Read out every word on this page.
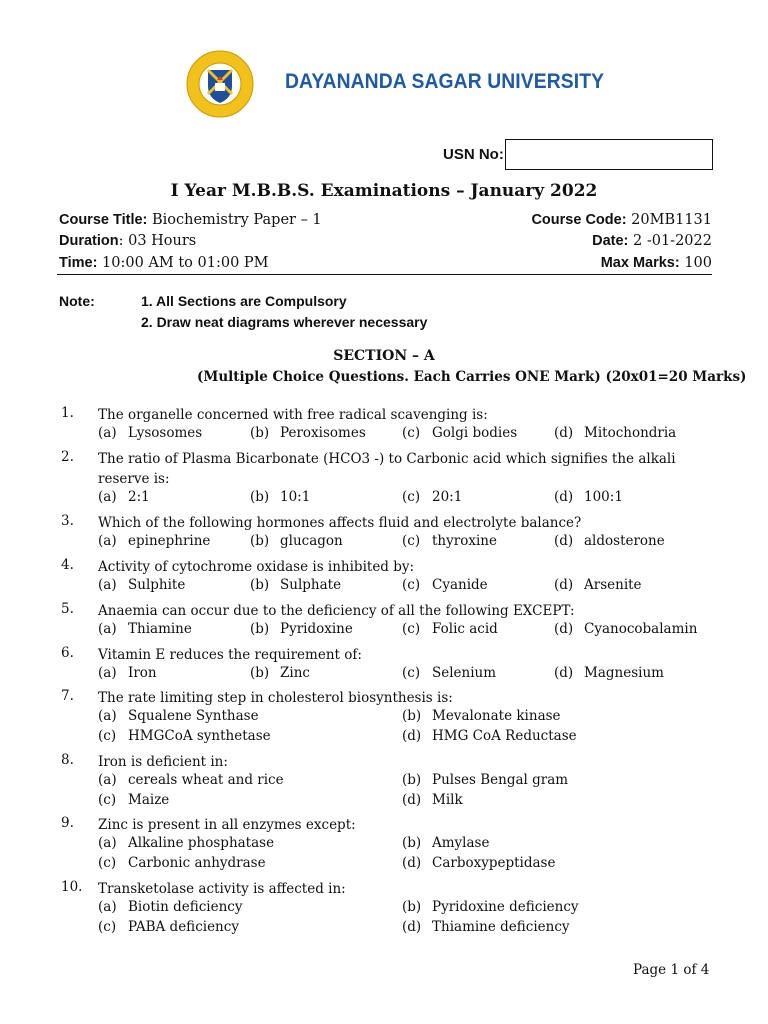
DAYANANDA SAGAR UNIVERSITY
USN No:
I Year M.B.B.S. Examinations – January 2022
Course Title: Biochemistry Paper – 1	Course Code: 20MB1131
Duration: 03 Hours	Date: 2 -01-2022
Time: 10:00 AM to 01:00 PM	Max Marks: 100
Note:	1. All Sections are Compulsory
2. Draw neat diagrams wherever necessary
SECTION – A
(Multiple Choice Questions. Each Carries ONE Mark) (20x01=20 Marks)
1. The organelle concerned with free radical scavenging is:
(a) Lysosomes	(b) Peroxisomes	(c) Golgi bodies	(d) Mitochondria
2. The ratio of Plasma Bicarbonate (HCO3 -) to Carbonic acid which signifies the alkali reserve is:
(a) 2:1	(b) 10:1	(c) 20:1	(d) 100:1
3. Which of the following hormones affects fluid and electrolyte balance?
(a) epinephrine	(b) glucagon	(c) thyroxine	(d) aldosterone
4. Activity of cytochrome oxidase is inhibited by:
(a) Sulphite	(b) Sulphate	(c) Cyanide	(d) Arsenite
5. Anaemia can occur due to the deficiency of all the following EXCEPT:
(a) Thiamine	(b) Pyridoxine	(c) Folic acid	(d) Cyanocobalamin
6. Vitamin E reduces the requirement of:
(a) Iron	(b) Zinc	(c) Selenium	(d) Magnesium
7. The rate limiting step in cholesterol biosynthesis is:
(a) Squalene Synthase	(b) Mevalonate kinase
(c) HMGCoA synthetase	(d) HMG CoA Reductase
8. Iron is deficient in:
(a) cereals wheat and rice	(b) Pulses Bengal gram
(c) Maize	(d) Milk
9. Zinc is present in all enzymes except:
(a) Alkaline phosphatase	(b) Amylase
(c) Carbonic anhydrase	(d) Carboxypeptidase
10. Transketolase activity is affected in:
(a) Biotin deficiency	(b) Pyridoxine deficiency
(c) PABA deficiency	(d) Thiamine deficiency
Page 1 of 4
